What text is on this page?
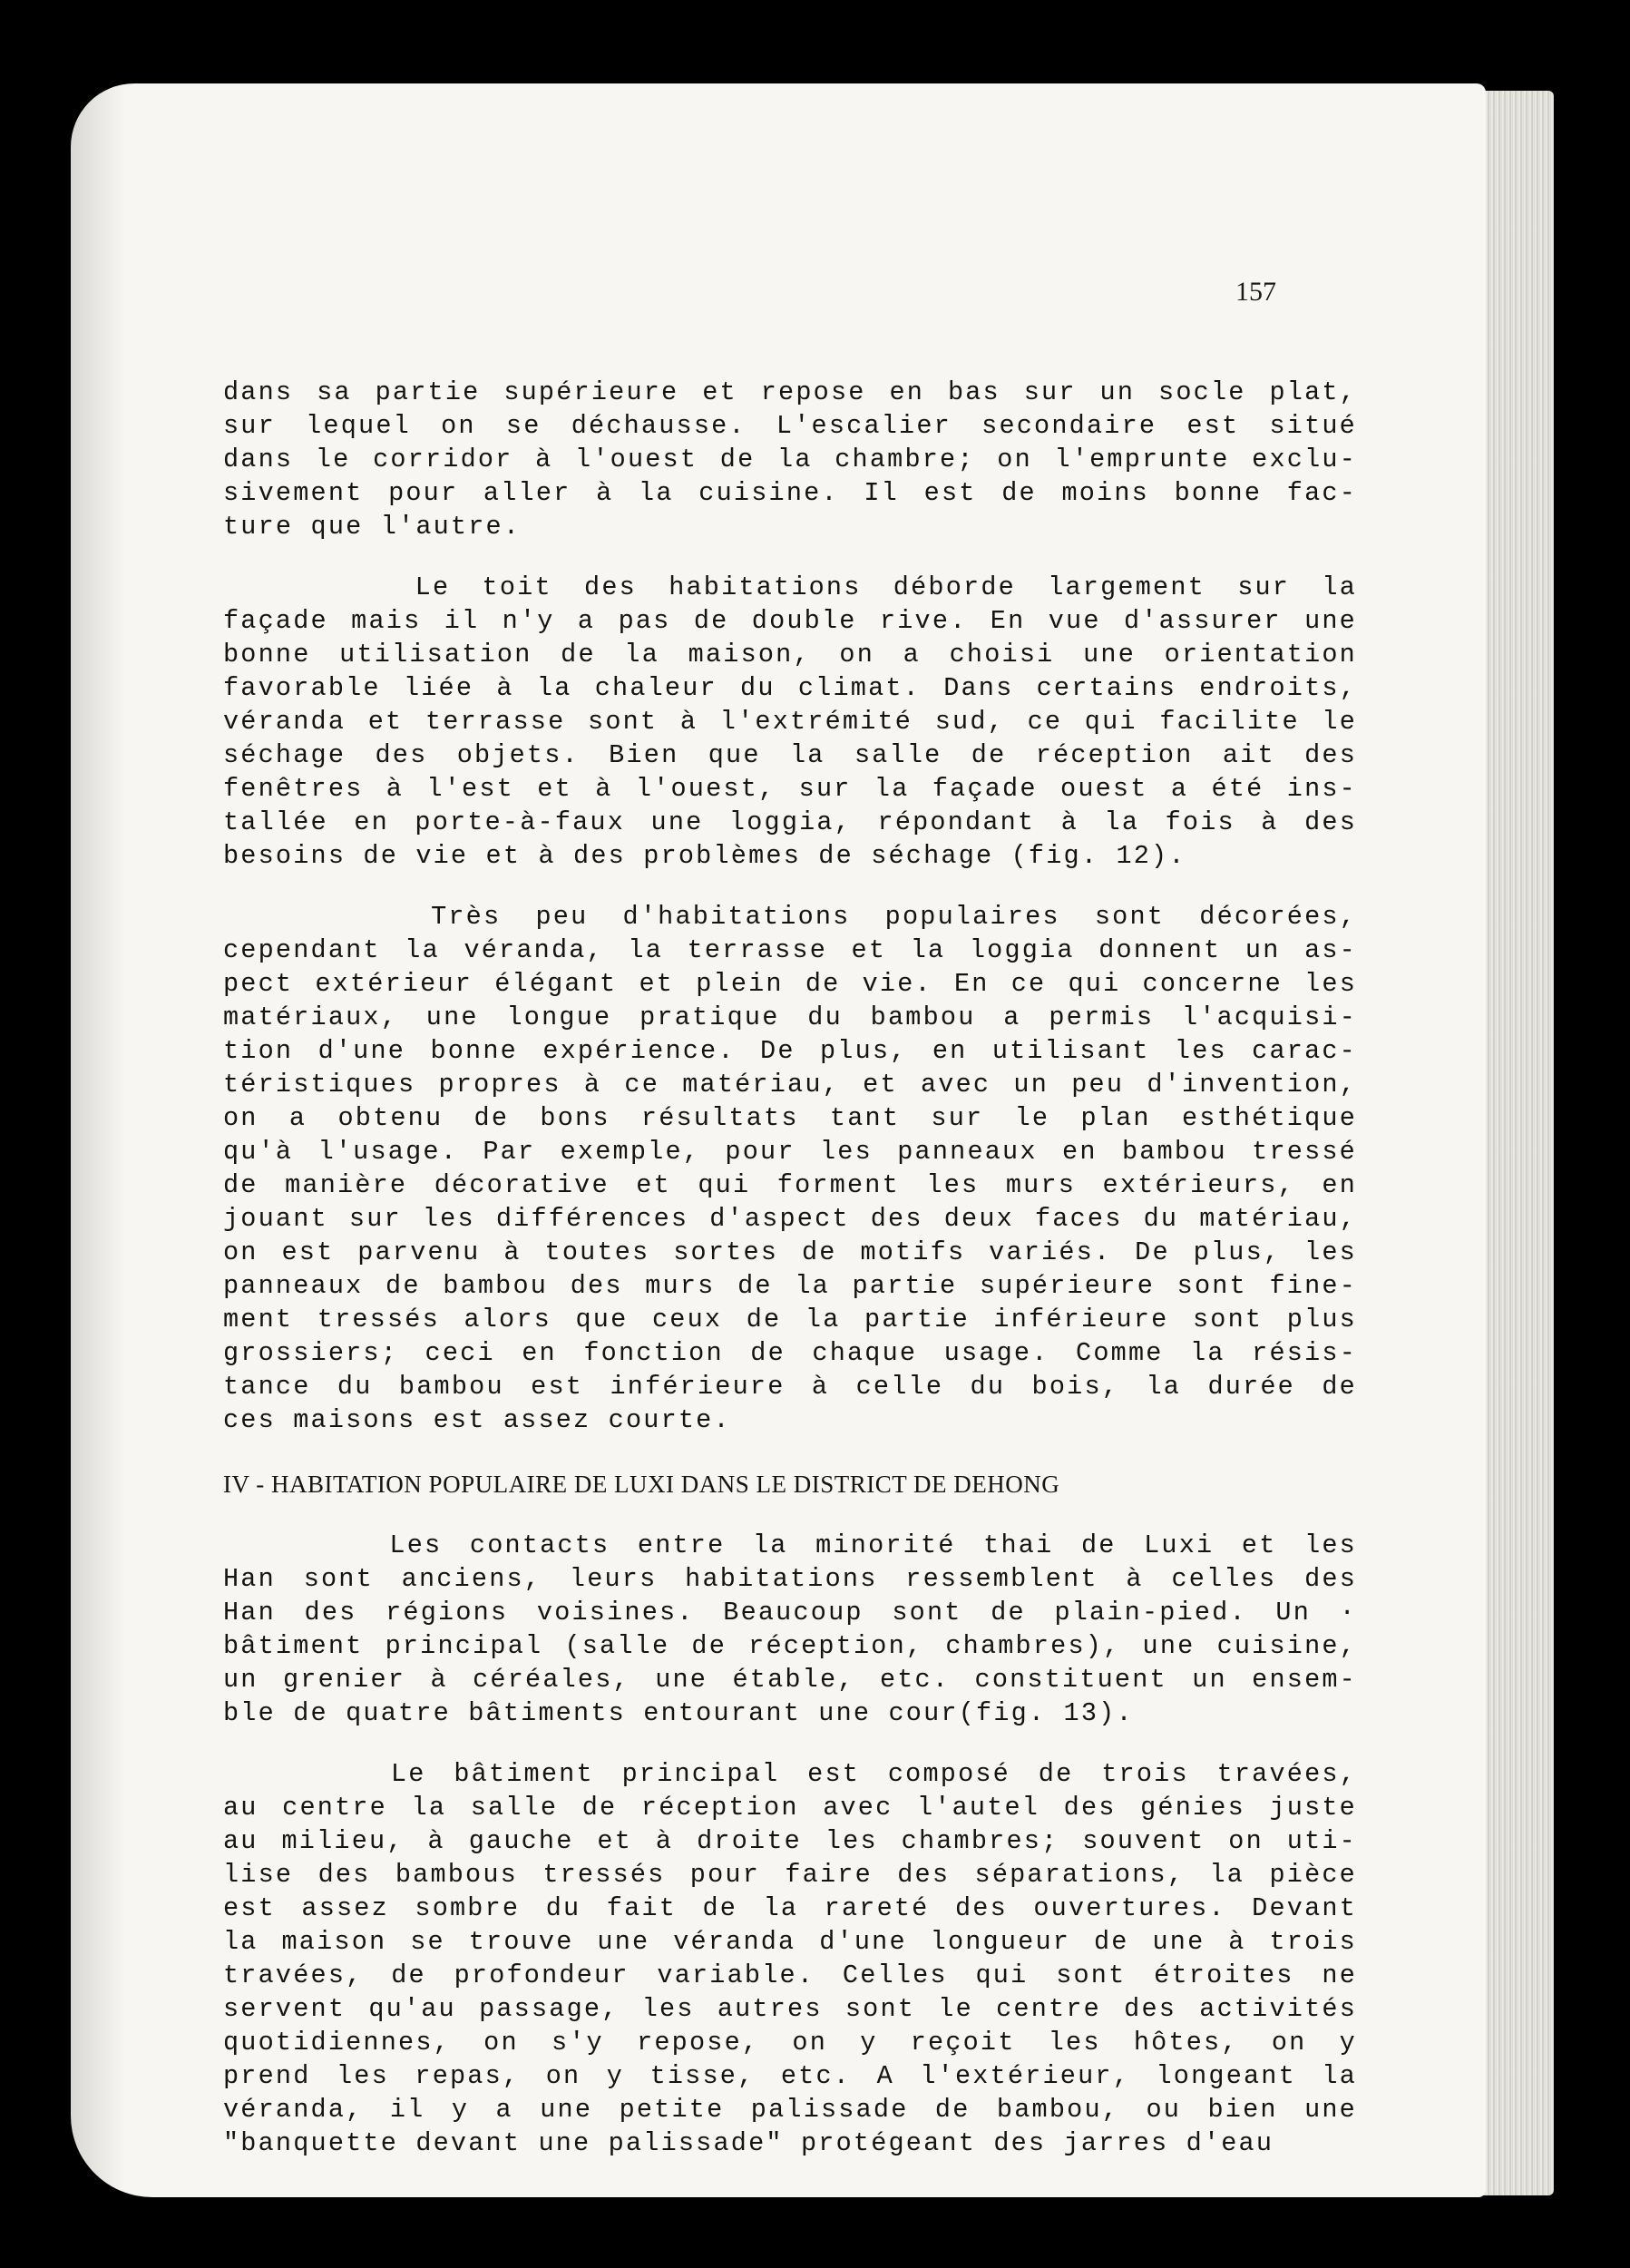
157
dans sa partie supérieure et repose en bas sur un socle plat,
sur lequel on se déchausse. L'escalier secondaire est situé
dans le corridor à l'ouest de la chambre; on l'emprunte exclu-
sivement pour aller à la cuisine. Il est de moins bonne fac-
ture que l'autre.
Le toit des habitations déborde largement sur la
façade mais il n'y a pas de double rive. En vue d'assurer une
bonne utilisation de la maison, on a choisi une orientation
favorable liée à la chaleur du climat. Dans certains endroits,
véranda et terrasse sont à l'extrémité sud, ce qui facilite le
séchage des objets. Bien que la salle de réception ait des
fenêtres à l'est et à l'ouest, sur la façade ouest a été ins-
tallée en porte-à-faux une loggia, répondant à la fois à des
besoins de vie et à des problèmes de séchage (fig. 12).
Très peu d'habitations populaires sont décorées,
cependant la véranda, la terrasse et la loggia donnent un as-
pect extérieur élégant et plein de vie. En ce qui concerne les
matériaux, une longue pratique du bambou a permis l'acquisi-
tion d'une bonne expérience. De plus, en utilisant les carac-
téristiques propres à ce matériau, et avec un peu d'invention,
on a obtenu de bons résultats tant sur le plan esthétique
qu'à l'usage. Par exemple, pour les panneaux en bambou tressé
de manière décorative et qui forment les murs extérieurs, en
jouant sur les différences d'aspect des deux faces du matériau,
on est parvenu à toutes sortes de motifs variés. De plus, les
panneaux de bambou des murs de la partie supérieure sont fine-
ment tressés alors que ceux de la partie inférieure sont plus
grossiers; ceci en fonction de chaque usage. Comme la résis-
tance du bambou est inférieure à celle du bois, la durée de
ces maisons est assez courte.
IV - HABITATION POPULAIRE DE LUXI DANS LE DISTRICT DE DEHONG
Les contacts entre la minorité thai de Luxi et les
Han sont anciens, leurs habitations ressemblent à celles des
Han des régions voisines. Beaucoup sont de plain-pied. Un ·
bâtiment principal (salle de réception, chambres), une cuisine,
un grenier à céréales, une étable, etc. constituent un ensem-
ble de quatre bâtiments entourant une cour(fig. 13).
Le bâtiment principal est composé de trois travées,
au centre la salle de réception avec l'autel des génies juste
au milieu, à gauche et à droite les chambres; souvent on uti-
lise des bambous tressés pour faire des séparations, la pièce
est assez sombre du fait de la rareté des ouvertures. Devant
la maison se trouve une véranda d'une longueur de une à trois
travées, de profondeur variable. Celles qui sont étroites ne
servent qu'au passage, les autres sont le centre des activités
quotidiennes, on s'y repose, on y reçoit les hôtes, on y
prend les repas, on y tisse, etc. A l'extérieur, longeant la
véranda, il y a une petite palissade de bambou, ou bien une
"banquette devant une palissade" protégeant des jarres d'eau
